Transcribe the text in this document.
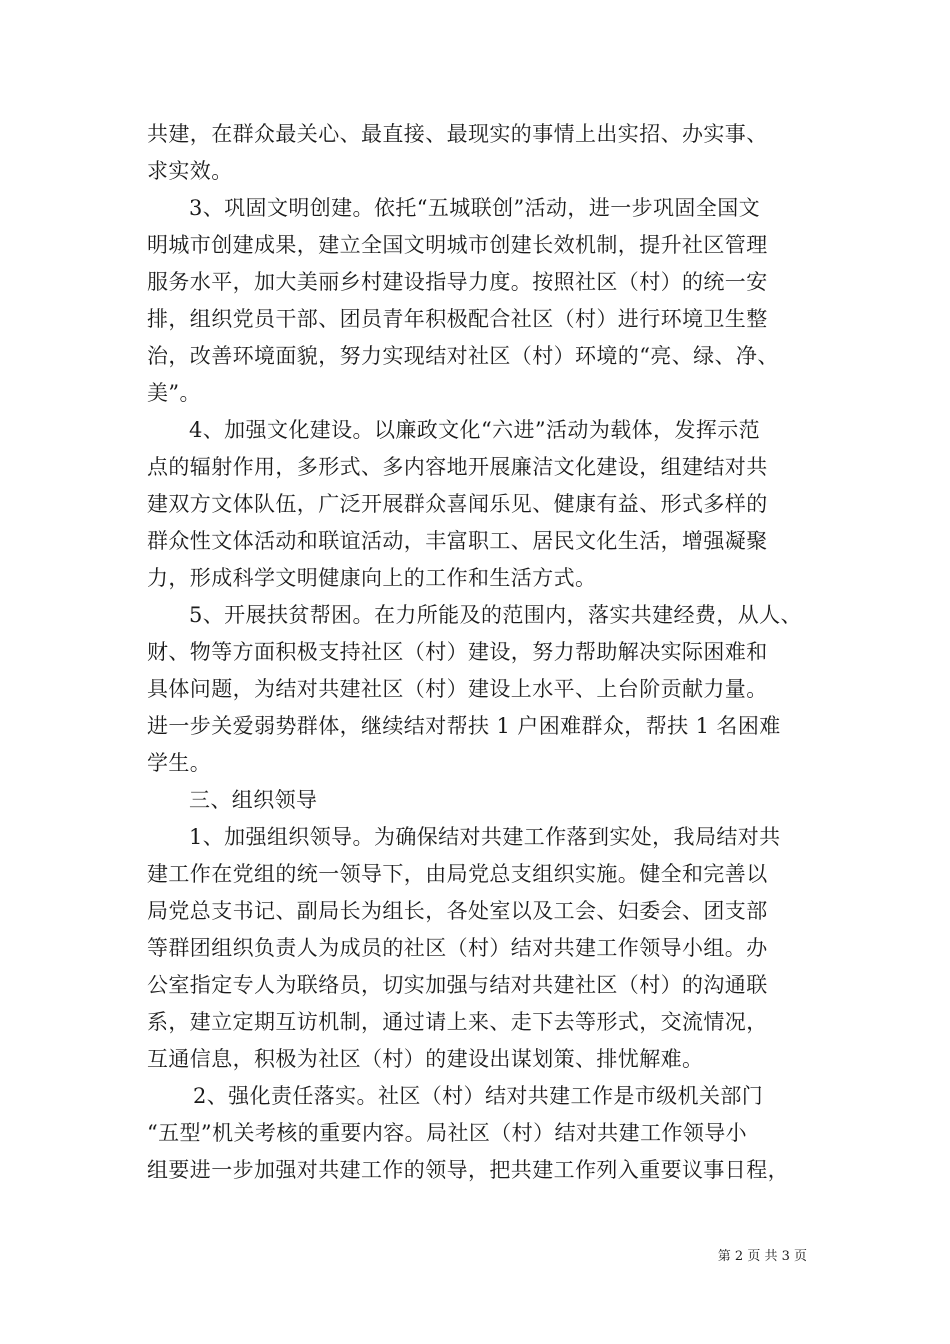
共建，在群众最关心、最直接、最现实的事情上出实招、办实事、

求实效。

3、巩固文明创建。依托“五城联创”活动，进一步巩固全国文

明城市创建成果，建立全国文明城市创建长效机制，提升社区管理

服务水平，加大美丽乡村建设指导力度。按照社区（村）的统一安

排，组织党员干部、团员青年积极配合社区（村）进行环境卫生整

治，改善环境面貌，努力实现结对社区（村）环境的“亮、绿、净、

美”。

4、加强文化建设。以廉政文化“六进”活动为载体，发挥示范

点的辐射作用，多形式、多内容地开展廉洁文化建设，组建结对共

建双方文体队伍，广泛开展群众喜闻乐见、健康有益、形式多样的

群众性文体活动和联谊活动，丰富职工、居民文化生活，增强凝聚

力，形成科学文明健康向上的工作和生活方式。

5、开展扶贫帮困。在力所能及的范围内，落实共建经费，从人、

财、物等方面积极支持社区（村）建设，努力帮助解决实际困难和

具体问题，为结对共建社区（村）建设上水平、上台阶贡献力量。

进一步关爱弱势群体，继续结对帮扶 1 户困难群众，帮扶 1 名困难

学生。

三、组织领导

1、加强组织领导。为确保结对共建工作落到实处，我局结对共

建工作在党组的统一领导下，由局党总支组织实施。健全和完善以

局党总支书记、副局长为组长，各处室以及工会、妇委会、团支部

等群团组织负责人为成员的社区（村）结对共建工作领导小组。办

公室指定专人为联络员，切实加强与结对共建社区（村）的沟通联

系，建立定期互访机制，通过请上来、走下去等形式，交流情况，

互通信息，积极为社区（村）的建设出谋划策、排忧解难。

2、强化责任落实。社区（村）结对共建工作是市级机关部门

“五型”机关考核的重要内容。局社区（村）结对共建工作领导小

组要进一步加强对共建工作的领导，把共建工作列入重要议事日程，

第 2 页 共 3 页
